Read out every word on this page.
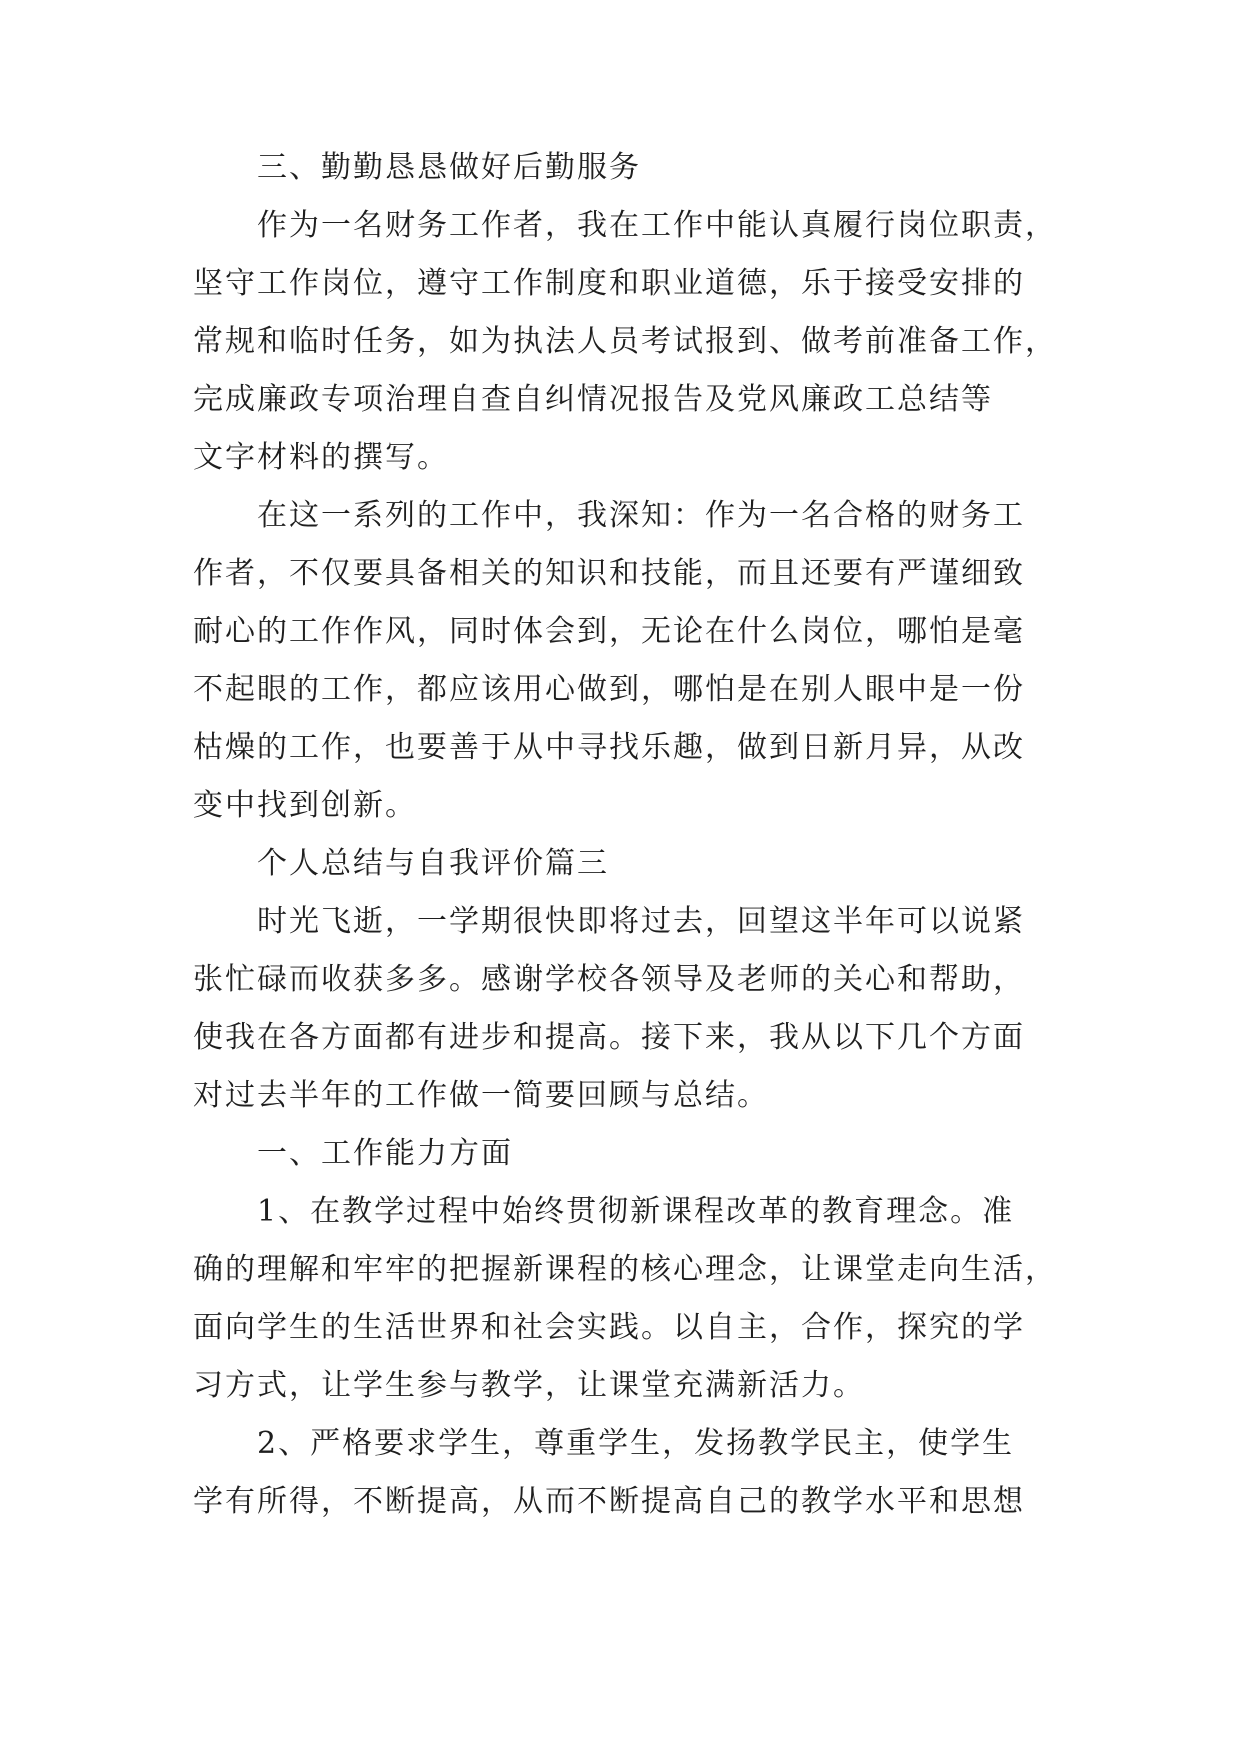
三、勤勤恳恳做好后勤服务
作为一名财务工作者，我在工作中能认真履行岗位职责，
坚守工作岗位，遵守工作制度和职业道德，乐于接受安排的
常规和临时任务，如为执法人员考试报到、做考前准备工作，
完成廉政专项治理自查自纠情况报告及党风廉政工总结等
文字材料的撰写。
在这一系列的工作中，我深知：作为一名合格的财务工
作者，不仅要具备相关的知识和技能，而且还要有严谨细致
耐心的工作作风，同时体会到，无论在什么岗位，哪怕是毫
不起眼的工作，都应该用心做到，哪怕是在别人眼中是一份
枯燥的工作，也要善于从中寻找乐趣，做到日新月异，从改
变中找到创新。
个人总结与自我评价篇三
时光飞逝，一学期很快即将过去，回望这半年可以说紧
张忙碌而收获多多。感谢学校各领导及老师的关心和帮助，
使我在各方面都有进步和提高。接下来，我从以下几个方面
对过去半年的工作做一简要回顾与总结。
一、工作能力方面
1、在教学过程中始终贯彻新课程改革的教育理念。准
确的理解和牢牢的把握新课程的核心理念，让课堂走向生活，
面向学生的生活世界和社会实践。以自主，合作，探究的学
习方式，让学生参与教学，让课堂充满新活力。
2、严格要求学生，尊重学生，发扬教学民主，使学生
学有所得，不断提高，从而不断提高自己的教学水平和思想
